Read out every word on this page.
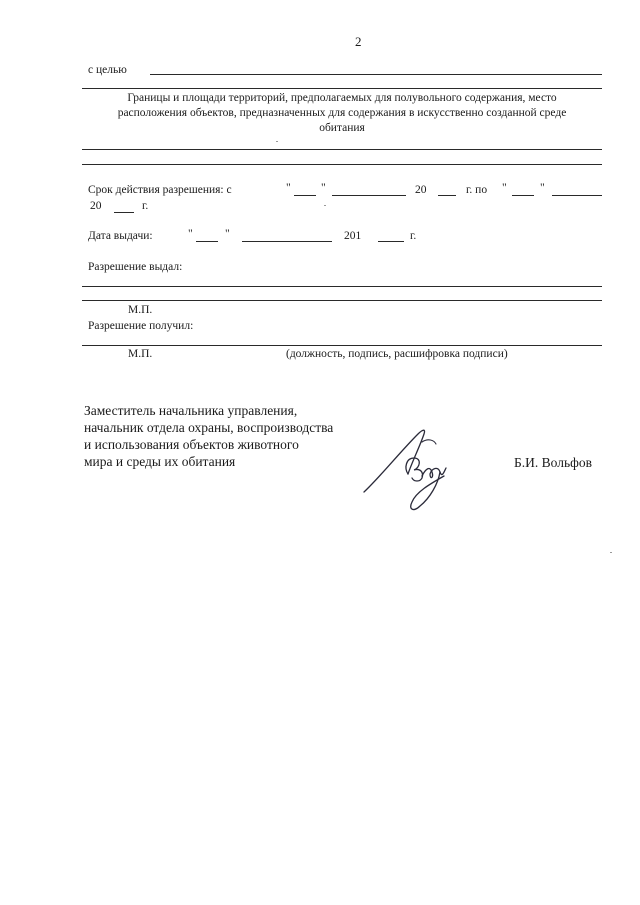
2
с целью
Границы и площади территорий, предполагаемых для полувольного содержания, место
расположения объектов, предназначенных для содержания в искусственно созданной среде
обитания
Срок действия разрешения: с	"	"	20	г. по "	"
20	г.
Дата выдачи:	"	"	201	г.
Разрешение выдал:
М.П.
Разрешение получил:
М.П.	(должность, подпись, расшифровка подписи)
Заместитель начальника управления,
начальник отдела охраны, воспроизводства
и использования объектов животного
мира и среды их обитания	Б.И. Вольфов
